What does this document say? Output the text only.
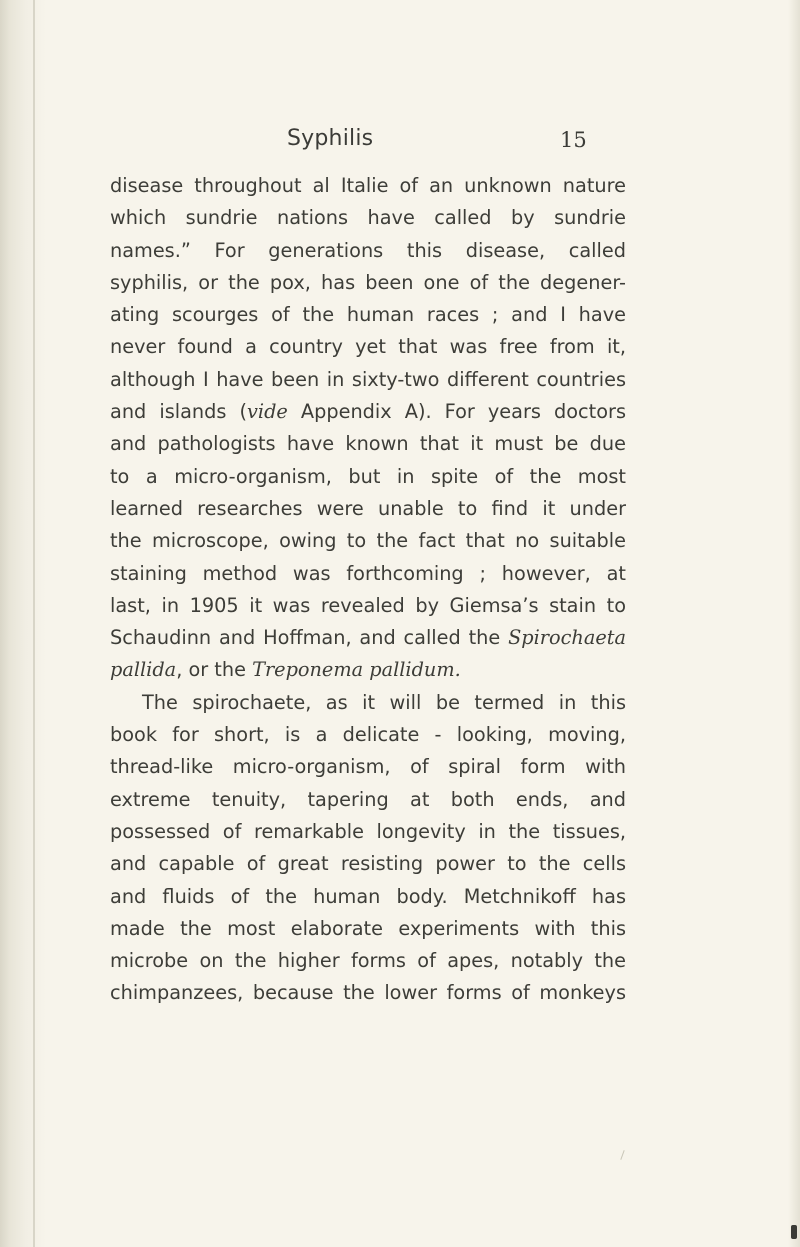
Syphilis	15
disease throughout al Italie of an unknown nature
which sundrie nations have called by sundrie
names.” For generations this disease, called
syphilis, or the pox, has been one of the degener-
ating scourges of the human races ; and I have
never found a country yet that was free from it,
although I have been in sixty-two different countries
and islands (vide Appendix A). For years doctors
and pathologists have known that it must be due
to a micro-organism, but in spite of the most
learned researches were unable to find it under
the microscope, owing to the fact that no suitable
staining method was forthcoming ; however, at
last, in 1905 it was revealed by Giemsa’s stain to
Schaudinn and Hoffman, and called the Spirochaeta
pallida, or the Treponema pallidum.
The spirochaete, as it will be termed in this
book for short, is a delicate - looking, moving,
thread-like micro-organism, of spiral form with
extreme tenuity, tapering at both ends, and
possessed of remarkable longevity in the tissues,
and capable of great resisting power to the cells
and fluids of the human body. Metchnikoff has
made the most elaborate experiments with this
microbe on the higher forms of apes, notably the
chimpanzees, because the lower forms of monkeys
